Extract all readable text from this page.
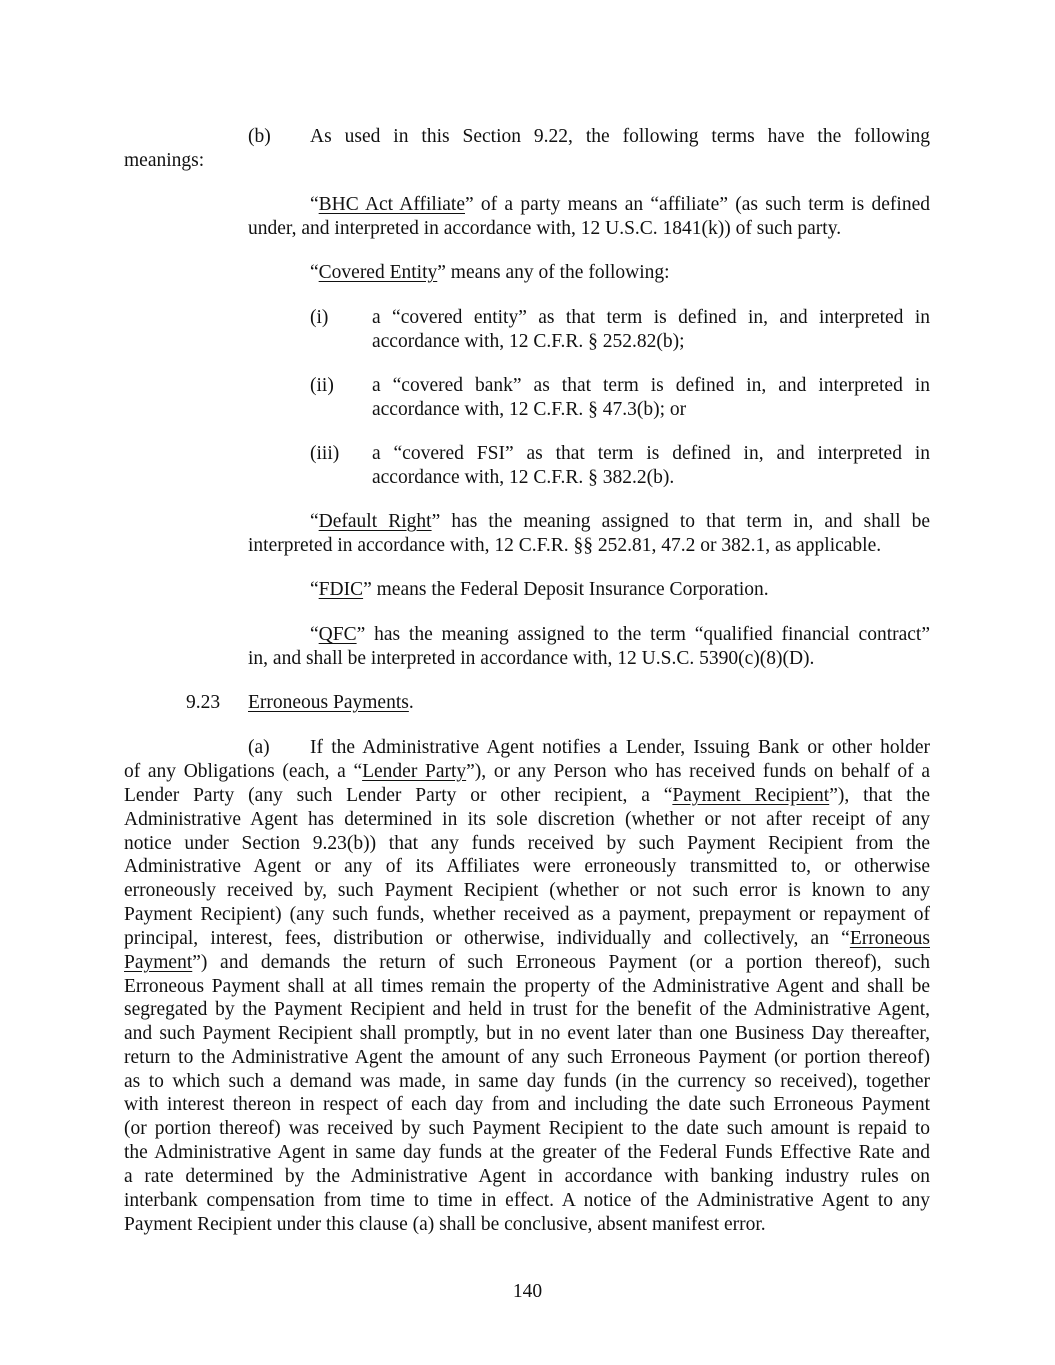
(b) As used in this Section 9.22, the following terms have the following
meanings:
“BHC Act Affiliate” of a party means an “affiliate” (as such term is defined
under, and interpreted in accordance with, 12 U.S.C. 1841(k)) of such party.
“Covered Entity” means any of the following:
(i) a “covered entity” as that term is defined in, and interpreted in
accordance with, 12 C.F.R. § 252.82(b);
(ii) a “covered bank” as that term is defined in, and interpreted in
accordance with, 12 C.F.R. § 47.3(b); or
(iii) a “covered FSI” as that term is defined in, and interpreted in
accordance with, 12 C.F.R. § 382.2(b).
“Default Right” has the meaning assigned to that term in, and shall be
interpreted in accordance with, 12 C.F.R. §§ 252.81, 47.2 or 382.1, as applicable.
“FDIC” means the Federal Deposit Insurance Corporation.
“QFC” has the meaning assigned to the term “qualified financial contract”
in, and shall be interpreted in accordance with, 12 U.S.C. 5390(c)(8)(D).
9.23 Erroneous Payments.
(a) If the Administrative Agent notifies a Lender, Issuing Bank or other holder
of any Obligations (each, a “Lender Party”), or any Person who has received funds on behalf of a
Lender Party (any such Lender Party or other recipient, a “Payment Recipient”), that the
Administrative Agent has determined in its sole discretion (whether or not after receipt of any
notice under Section 9.23(b)) that any funds received by such Payment Recipient from the
Administrative Agent or any of its Affiliates were erroneously transmitted to, or otherwise
erroneously received by, such Payment Recipient (whether or not such error is known to any
Payment Recipient) (any such funds, whether received as a payment, prepayment or repayment of
principal, interest, fees, distribution or otherwise, individually and collectively, an “Erroneous
Payment”) and demands the return of such Erroneous Payment (or a portion thereof), such
Erroneous Payment shall at all times remain the property of the Administrative Agent and shall be
segregated by the Payment Recipient and held in trust for the benefit of the Administrative Agent,
and such Payment Recipient shall promptly, but in no event later than one Business Day thereafter,
return to the Administrative Agent the amount of any such Erroneous Payment (or portion thereof)
as to which such a demand was made, in same day funds (in the currency so received), together
with interest thereon in respect of each day from and including the date such Erroneous Payment
(or portion thereof) was received by such Payment Recipient to the date such amount is repaid to
the Administrative Agent in same day funds at the greater of the Federal Funds Effective Rate and
a rate determined by the Administrative Agent in accordance with banking industry rules on
interbank compensation from time to time in effect. A notice of the Administrative Agent to any
Payment Recipient under this clause (a) shall be conclusive, absent manifest error.
140
